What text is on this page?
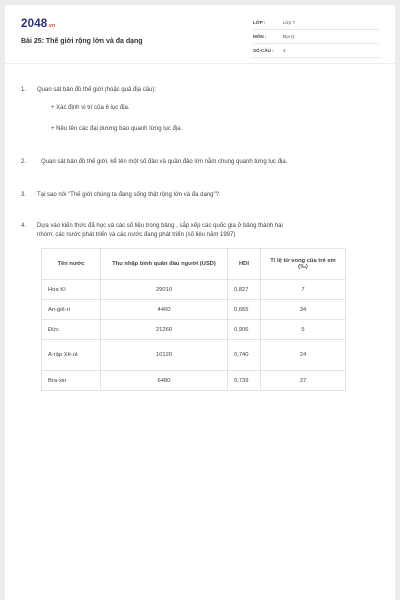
2048.vn
Bài 25: Thế giới rộng lớn và đa dạng
LỚP :	Lớp 7
MÔN :	Địa lý
SỐ CÂU : 4
1. Quan sát bản đồ thế giới (hoặc quả địa cầu):
+ Xác định vị trí của 6 lục địa.
+ Nêu tên các đại dương bao quanh từng lục địa.
2. Quan sát bản đồ thế giới, kể tên một số đảo và quần đảo lớn nằm chung quanh từng lục địa.
3. Tại sao nói "Thế giới chúng ta đang sống thật rộng lớn và đa dạng"?
4. Dựa vào kiến thức đã học và các số liệu trong bảng , sắp xếp các quốc gia ở bảng thành hai
nhóm: các nước phát triển và các nước đang phát triển (số liệu năm 1997)
Tên nước	Thu nhập bình quân đầu người (USD)	HDI	Tỉ lệ tử vong của trẻ em (‰)
Hoa Kì	29010	0,827	7
An-giê-ri	4460	0,665	34
Đức	21260	0,906	5
A-rập Xê-út	10120	0,740	24
Bra-xin	6480	0,739	37
